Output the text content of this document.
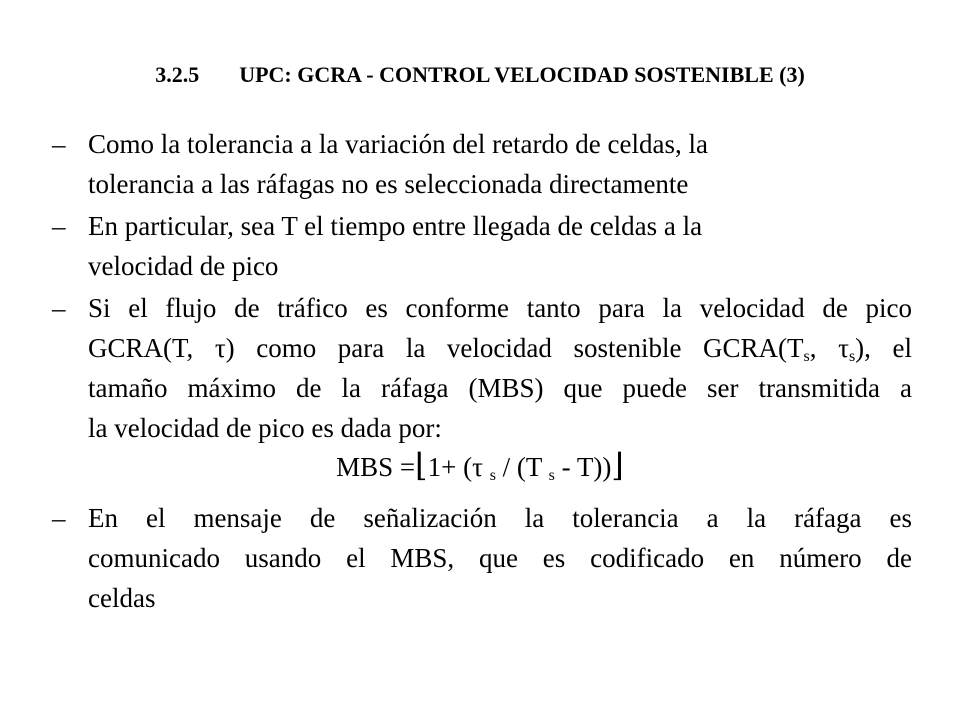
3.2.5 UPC: GCRA - CONTROL VELOCIDAD SOSTENIBLE (3)
– Como la tolerancia a la variación del retardo de celdas, la
tolerancia a las ráfagas no es seleccionada directamente
– En particular, sea T el tiempo entre llegada de celdas a la
velocidad de pico
– Si el flujo de tráfico es conforme tanto para la velocidad de pico
GCRA(T, τ) como para la velocidad sostenible $GCRA(T_s$, $\tau_s$), el
tamaño máximo de la ráfaga (MBS) que puede ser transmitida a
la velocidad de pico es dada por:
MBS =⌊1+ (τ $_s$ / (T $_s$ - T))⌋
– En el mensaje de señalización la tolerancia a la ráfaga es
comunicado usando el MBS, que es codificado en número de
celdas
